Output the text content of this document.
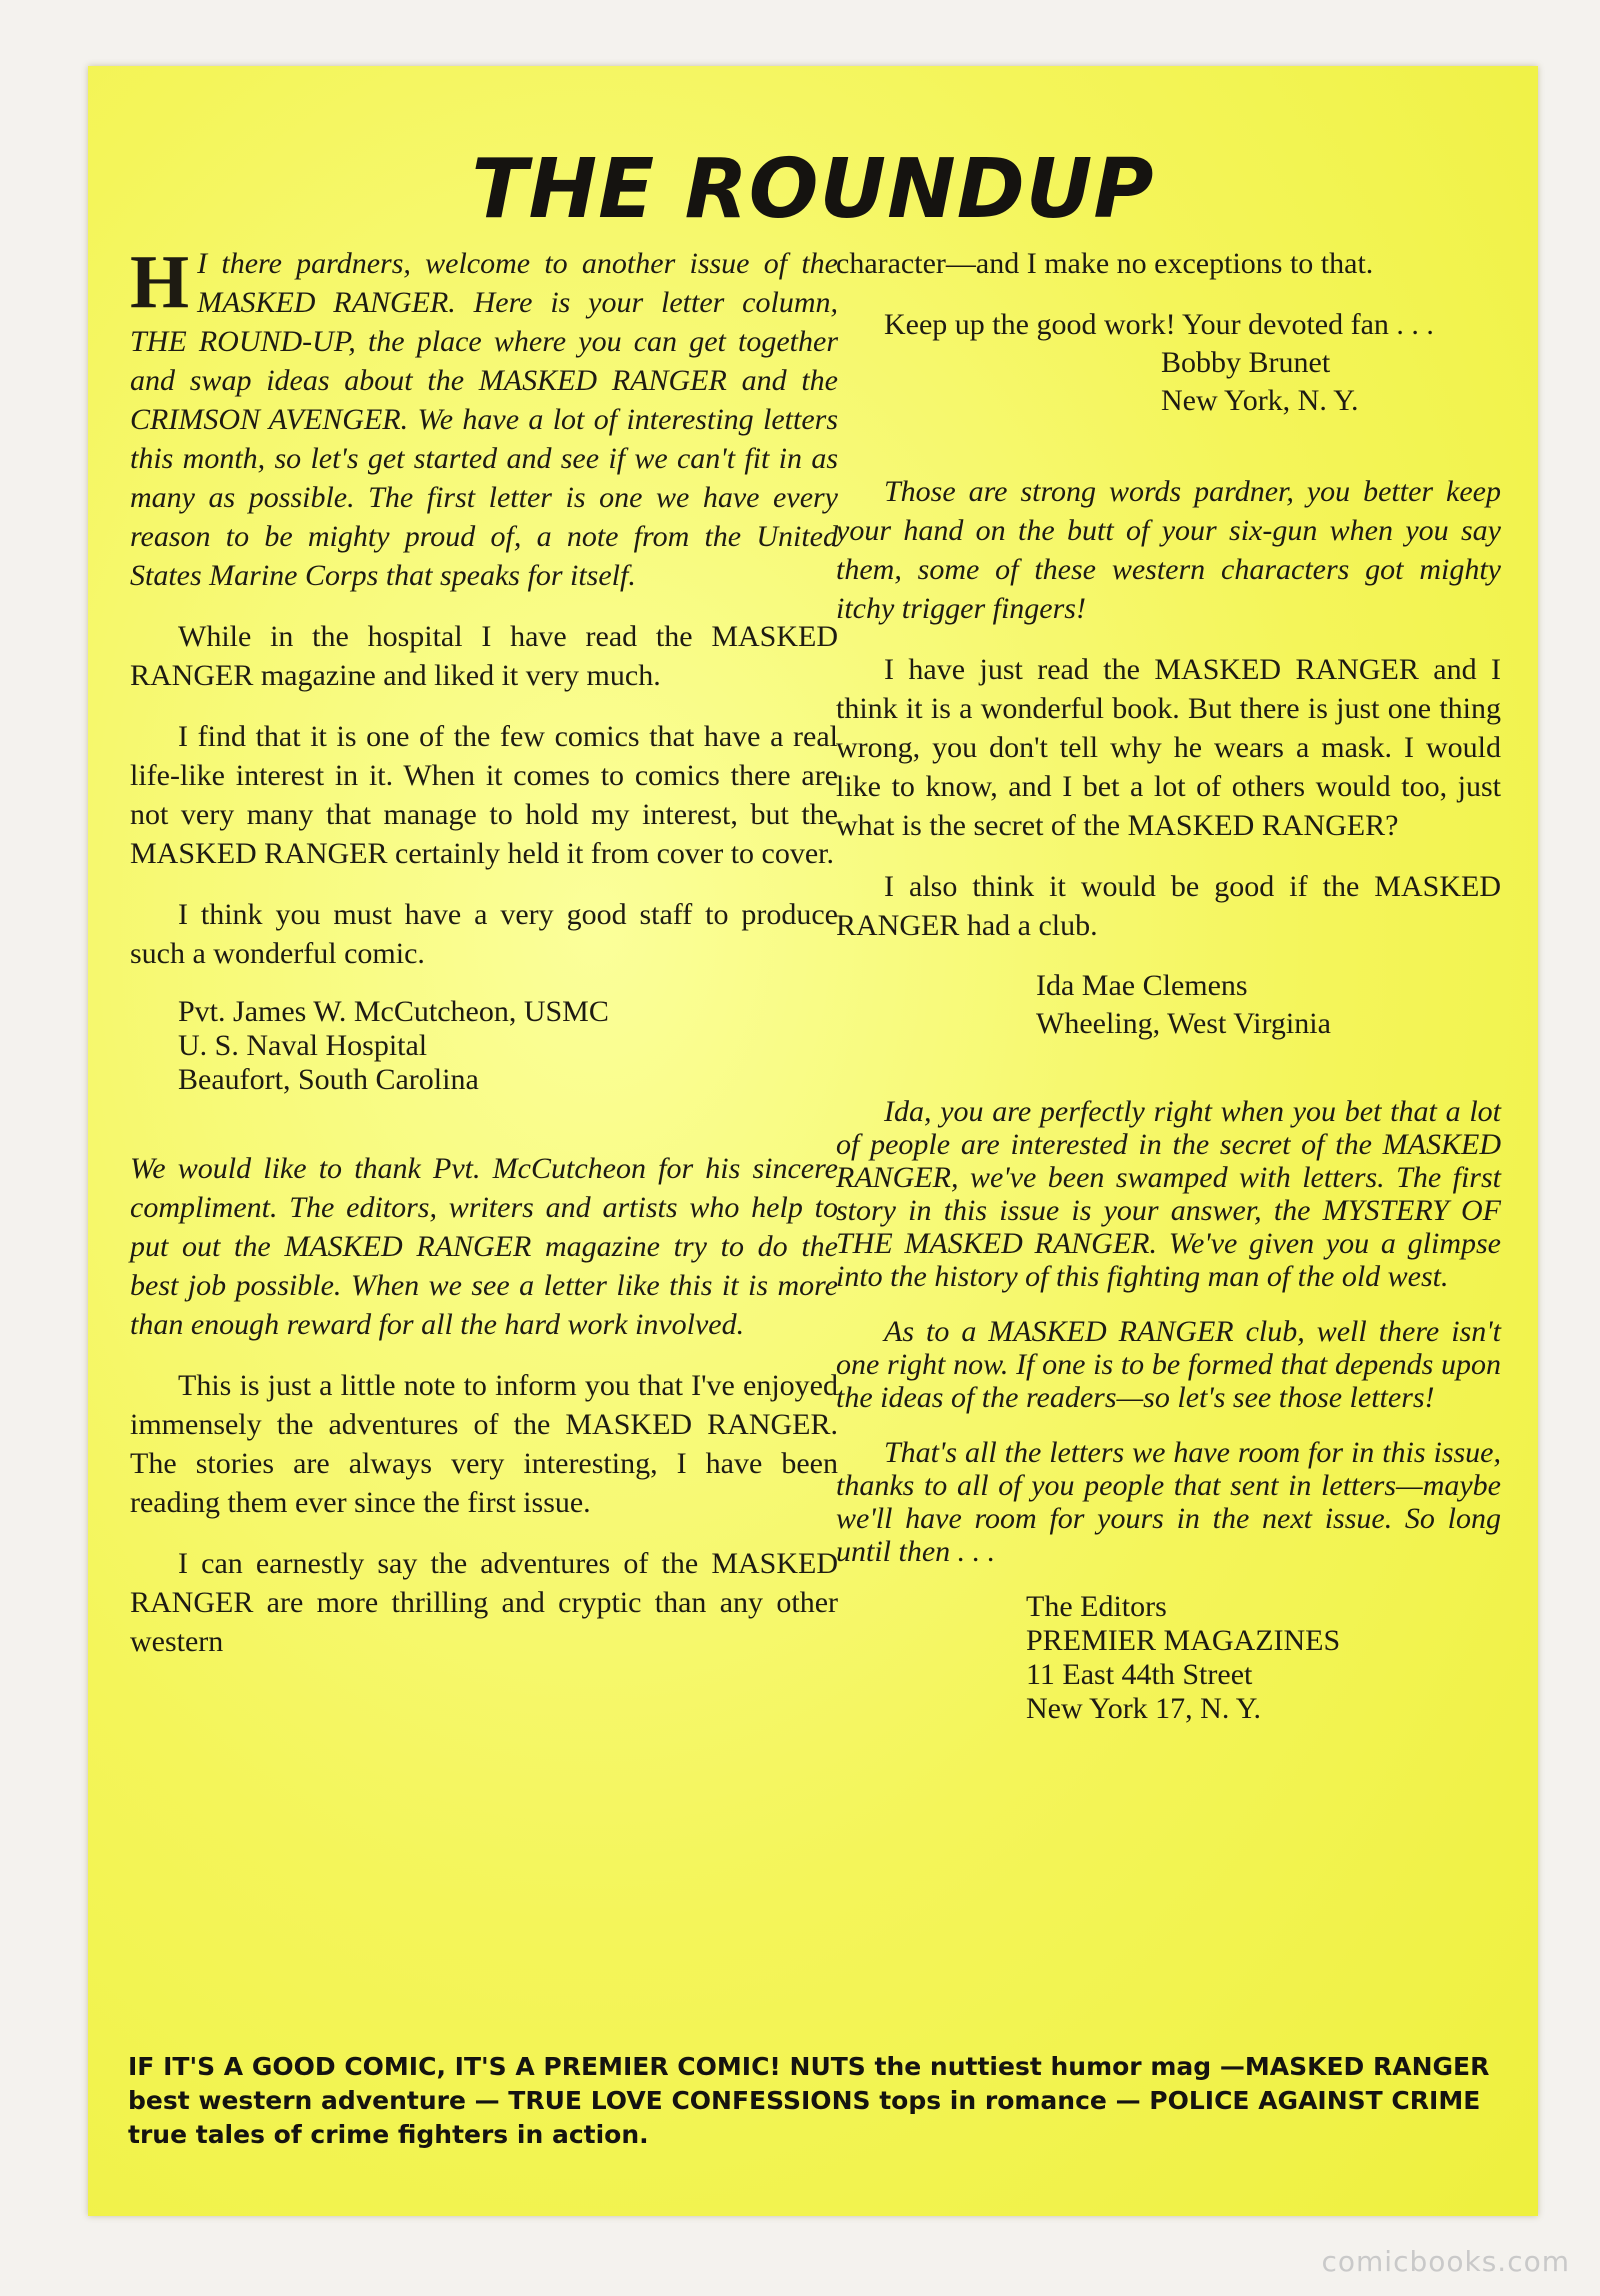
THE ROUNDUP

H I there pardners, welcome to another issue of the MASKED RANGER. Here is your letter column, THE ROUND-UP, the place where you can get together and swap ideas about the MASKED RANGER and the CRIMSON AVENGER. We have a lot of interesting letters this month, so let's get started and see if we can't fit in as many as possible. The first letter is one we have every reason to be mighty proud of, a note from the United States Marine Corps that speaks for itself.

While in the hospital I have read the MASKED RANGER magazine and liked it very much.

I find that it is one of the few comics that have a real life-like interest in it. When it comes to comics there are not very many that manage to hold my interest, but the MASKED RANGER certainly held it from cover to cover.

I think you must have a very good staff to produce such a wonderful comic.

Pvt. James W. McCutcheon, USMC
U. S. Naval Hospital
Beaufort, South Carolina

We would like to thank Pvt. McCutcheon for his sincere compliment. The editors, writers and artists who help to put out the MASKED RANGER magazine try to do the best job possible. When we see a letter like this it is more than enough reward for all the hard work involved.

This is just a little note to inform you that I've enjoyed immensely the adventures of the MASKED RANGER. The stories are always very interesting, I have been reading them ever since the first issue.

I can earnestly say the adventures of the MASKED RANGER are more thrilling and cryptic than any other western

character—and I make no exceptions to that.

Keep up the good work! Your devoted fan . . .

Bobby Brunet
New York, N. Y.

Those are strong words pardner, you better keep your hand on the butt of your six-gun when you say them, some of these western characters got mighty itchy trigger fingers!

I have just read the MASKED RANGER and I think it is a wonderful book. But there is just one thing wrong, you don't tell why he wears a mask. I would like to know, and I bet a lot of others would too, just what is the secret of the MASKED RANGER?

I also think it would be good if the MASKED RANGER had a club.

Ida Mae Clemens
Wheeling, West Virginia

Ida, you are perfectly right when you bet that a lot of people are interested in the secret of the MASKED RANGER, we've been swamped with letters. The first story in this issue is your answer, the MYSTERY OF THE MASKED RANGER. We've given you a glimpse into the history of this fighting man of the old west.

As to a MASKED RANGER club, well there isn't one right now. If one is to be formed that depends upon the ideas of the readers—so let's see those letters!

That's all the letters we have room for in this issue, thanks to all of you people that sent in letters—maybe we'll have room for yours in the next issue. So long until then . . .

The Editors
PREMIER MAGAZINES
11 East 44th Street
New York 17, N. Y.
IF IT'S A GOOD COMIC, IT'S A PREMIER COMIC! NUTS the nuttiest humor mag —MASKED RANGER best western adventure — TRUE LOVE CONFESSIONS tops in romance — POLICE AGAINST CRIME true tales of crime fighters in action.
comicbooks.com
